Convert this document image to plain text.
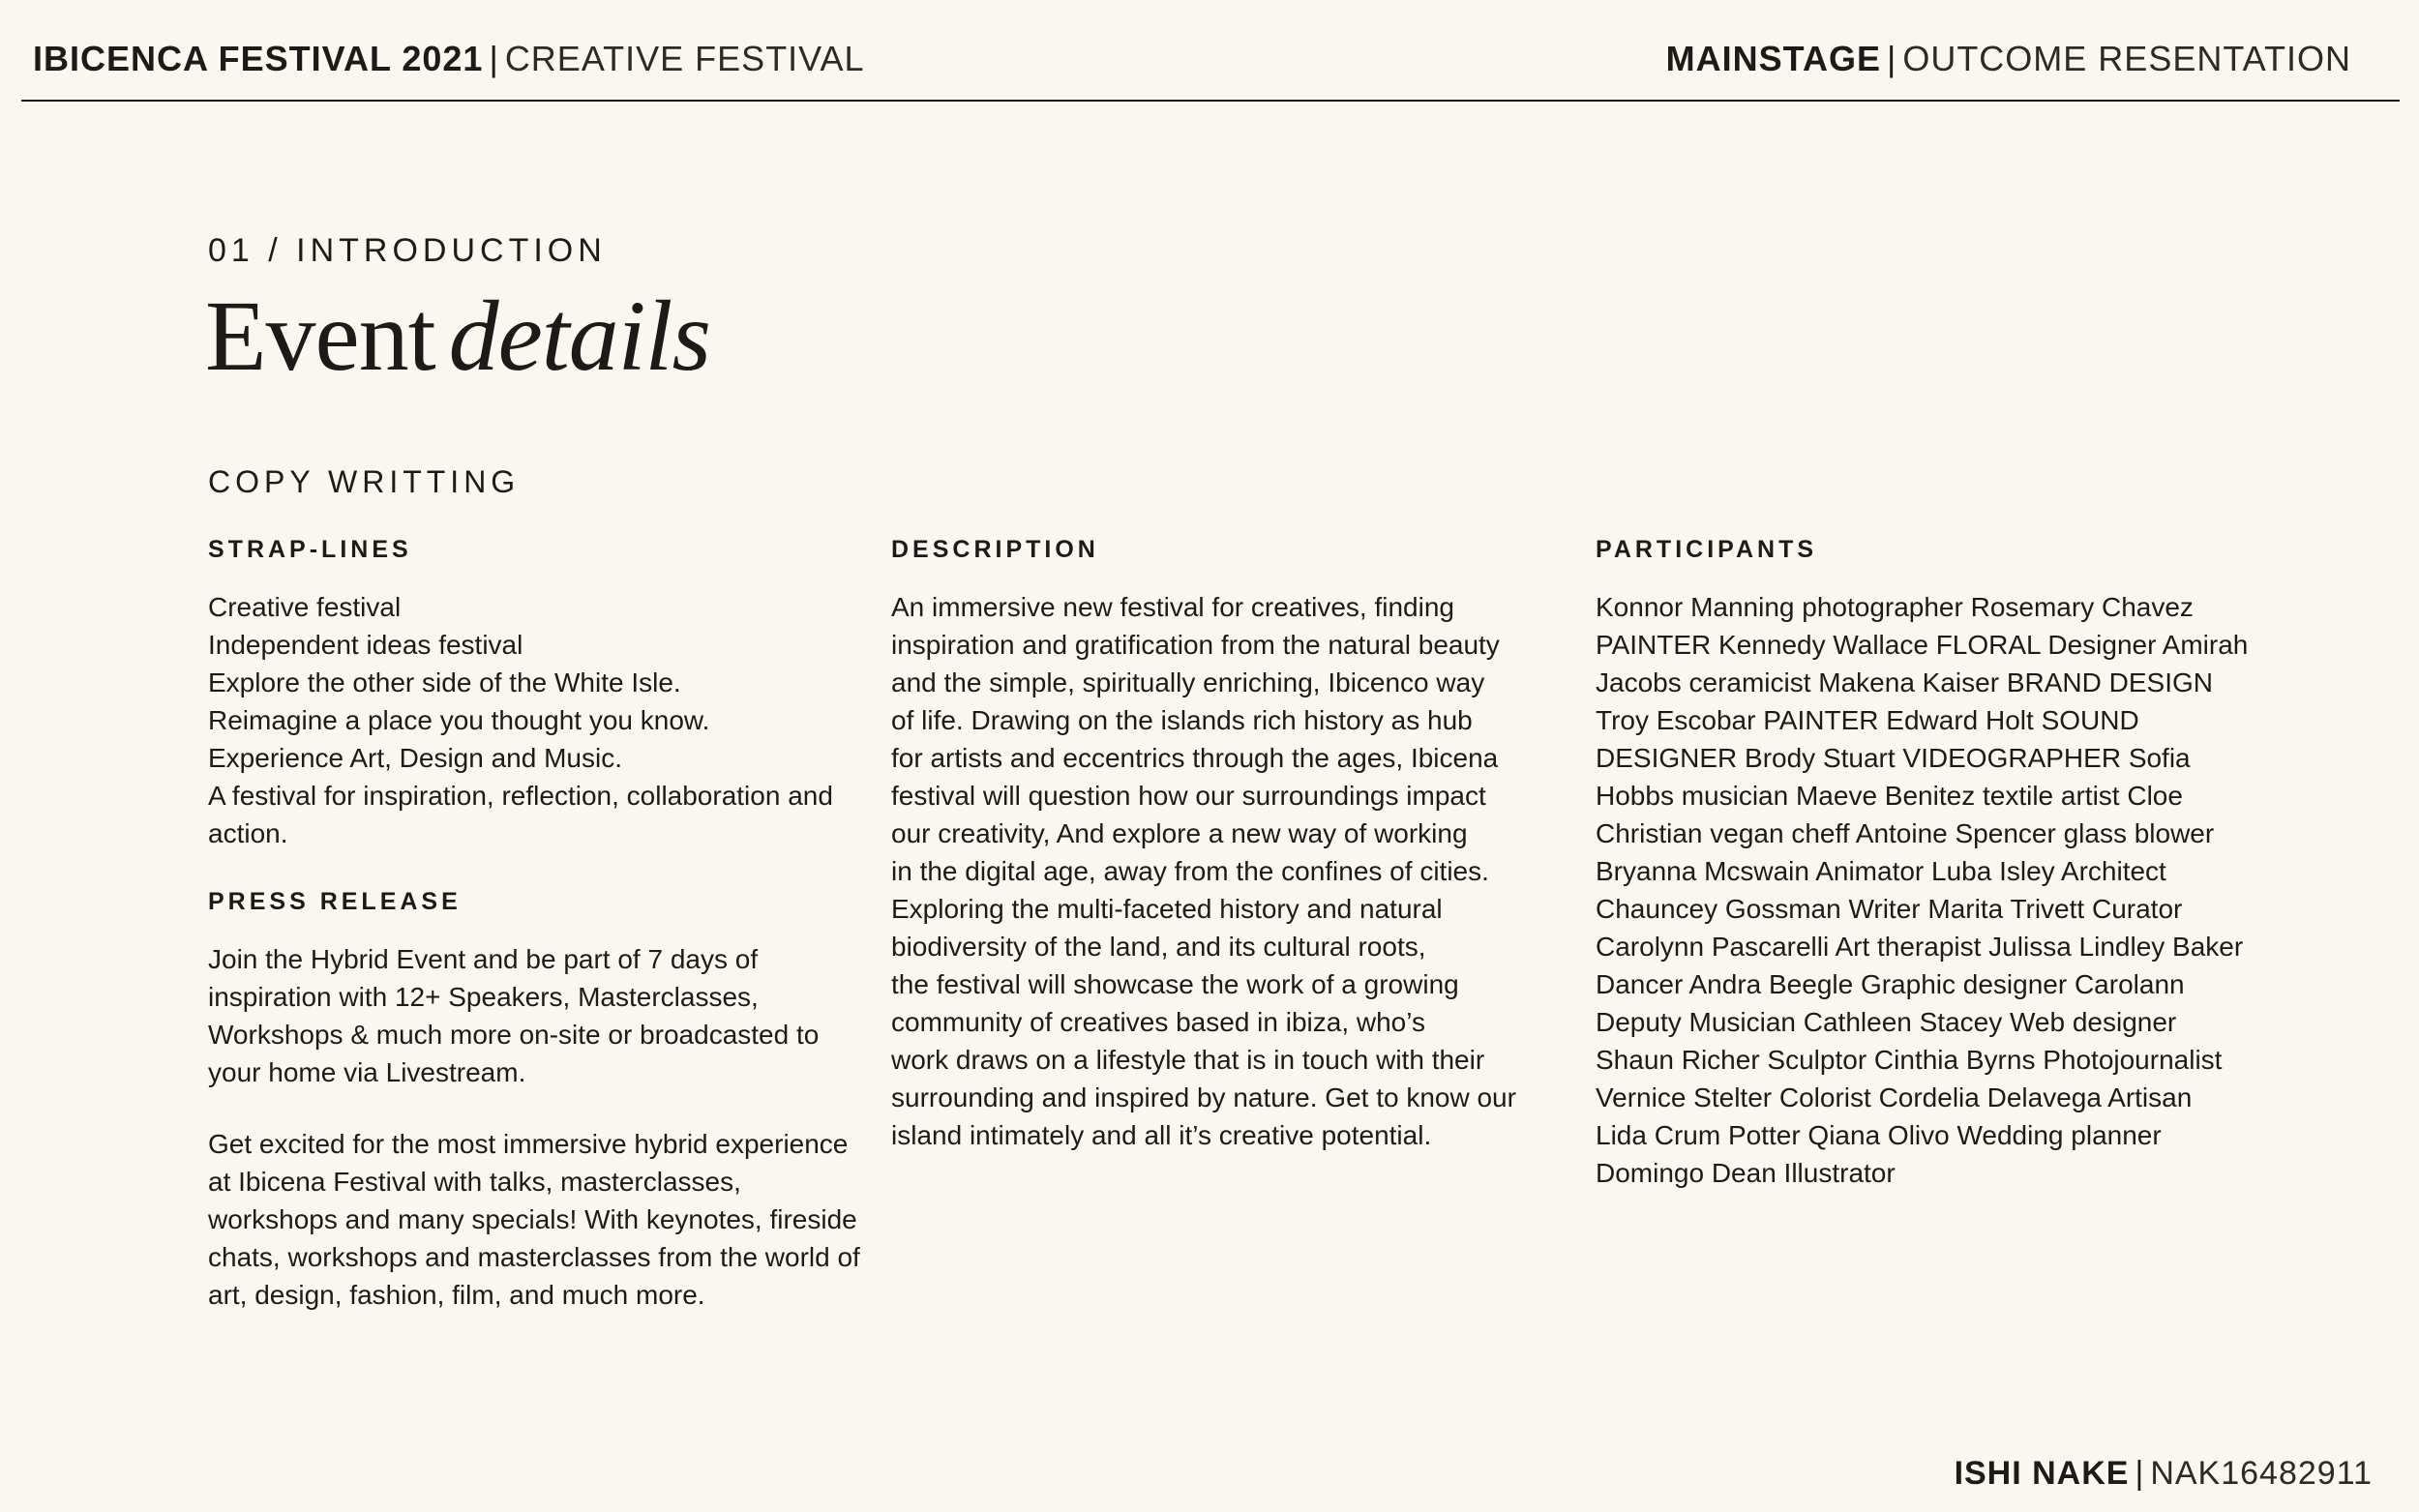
IBICENCA FESTIVAL 2021 | CREATIVE FESTIVAL	MAINSTAGE | OUTCOME RESENTATION
01 / INTRODUCTION
Event details
COPY WRITTING
STRAP-LINES
Creative festival
Independent ideas festival
Explore the other side of the White Isle.
Reimagine a place you thought you know.
Experience Art, Design and Music.
A festival for inspiration, reflection, collaboration and
action.
PRESS RELEASE
Join the Hybrid Event and be part of 7 days of
inspiration with 12+ Speakers, Masterclasses,
Workshops & much more on-site or broadcasted to
your home via Livestream.
Get excited for the most immersive hybrid experience
at Ibicena Festival with talks, masterclasses,
workshops and many specials! With keynotes, fireside
chats, workshops and masterclasses from the world of
art, design, fashion, film, and much more.
DESCRIPTION
An immersive new festival for creatives, finding
inspiration and gratification from the natural beauty
and the simple, spiritually enriching, Ibicenco way
of life. Drawing on the islands rich history as hub
for artists and eccentrics through the ages, Ibicena
festival will question how our surroundings impact
our creativity, And explore a new way of working
in the digital age, away from the confines of cities.
Exploring the multi-faceted history and natural
biodiversity of the land, and its cultural roots,
the festival will showcase the work of a growing
community of creatives based in ibiza, who’s
work draws on a lifestyle that is in touch with their
surrounding and inspired by nature. Get to know our
island intimately and all it’s creative potential.
PARTICIPANTS
Konnor Manning photographer Rosemary Chavez
PAINTER Kennedy Wallace FLORAL Designer Amirah
Jacobs ceramicist Makena Kaiser BRAND DESIGN
Troy Escobar PAINTER Edward Holt SOUND
DESIGNER Brody Stuart VIDEOGRAPHER Sofia
Hobbs musician Maeve Benitez textile artist Cloe
Christian vegan cheff Antoine Spencer glass blower
Bryanna Mcswain Animator Luba Isley Architect
Chauncey Gossman Writer Marita Trivett Curator
Carolynn Pascarelli Art therapist Julissa Lindley Baker
Dancer Andra Beegle Graphic designer Carolann
Deputy Musician Cathleen Stacey Web designer
Shaun Richer Sculptor Cinthia Byrns Photojournalist
Vernice Stelter Colorist Cordelia Delavega Artisan
Lida Crum Potter Qiana Olivo Wedding planner
Domingo Dean Illustrator
ISHI NAKE | NAK16482911
